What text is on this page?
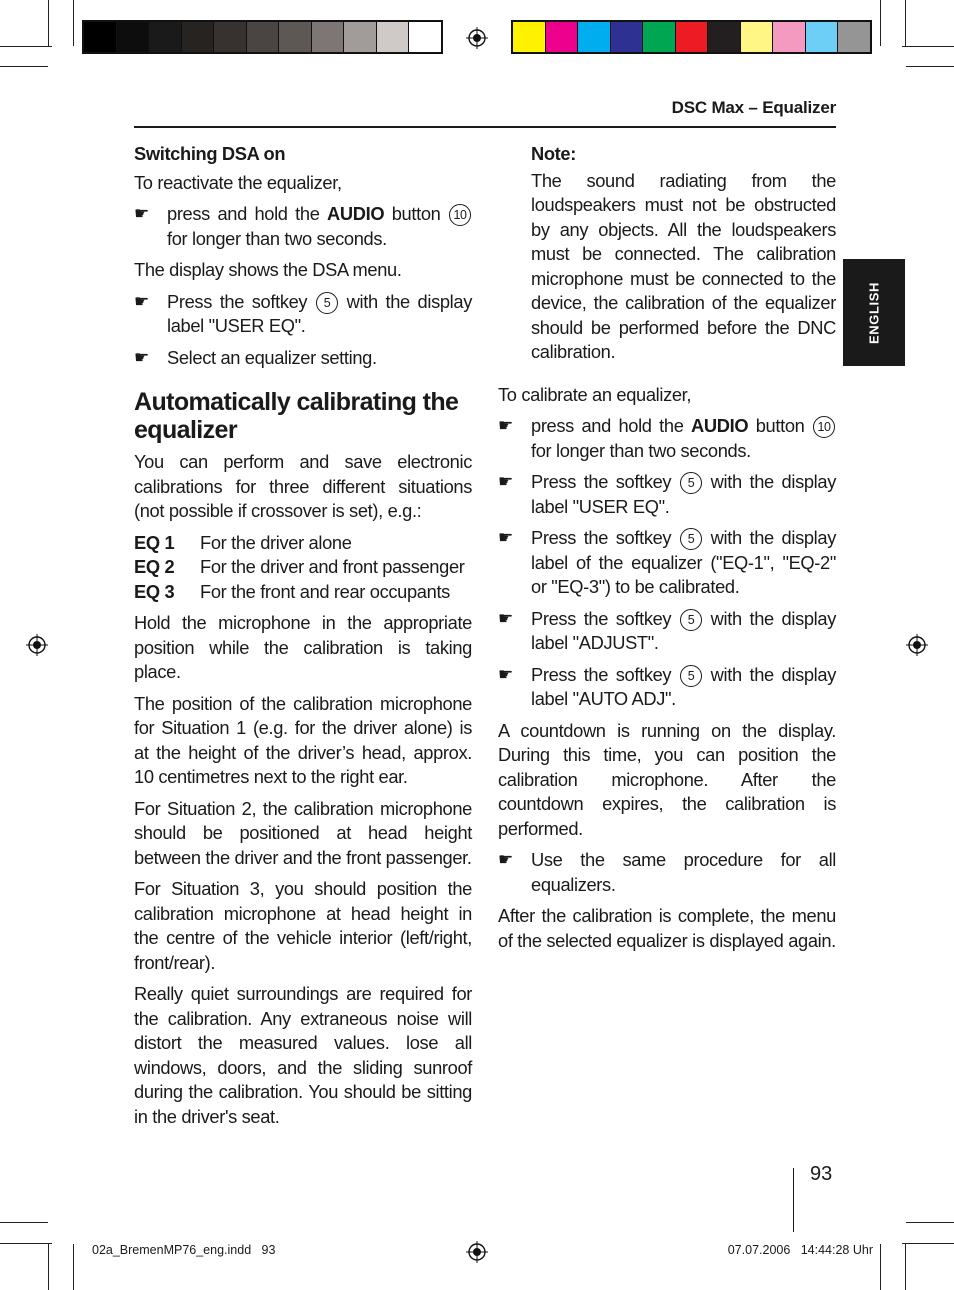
DSC Max – Equalizer
ENGLISH
Switching DSA on

To reactivate the equalizer,

☛ press and hold the AUDIO button 10 for longer than two seconds.

The display shows the DSA menu.

☛ Press the softkey 5 with the display label "USER EQ".
☛ Select an equalizer setting.
Automatically calibrating the equalizer

You can perform and save electronic calibrations for three different situations (not possible if crossover is set), e.g.:

EQ 1	For the driver alone
EQ 2	For the driver and front passenger
EQ 3	For the front and rear occupants

Hold the microphone in the appropriate position while the calibration is taking place.

The position of the calibration microphone for Situation 1 (e.g. for the driver alone) is at the height of the driver’s head, approx. 10 centimetres next to the right ear.

For Situation 2, the calibration microphone should be positioned at head height between the driver and the front passenger.

For Situation 3, you should position the calibration microphone at head height in the centre of the vehicle interior (left/right, front/rear).

Really quiet surroundings are required for the calibration. Any extraneous noise will distort the measured values. lose all windows, doors, and the sliding sunroof during the calibration. You should be sitting in the driver's seat.

Note:

The sound radiating from the loudspeakers must not be obstructed by any objects. All the loudspeakers must be connected. The calibration microphone must be connected to the device, the calibration of the equalizer should be performed before the DNC calibration.

To calibrate an equalizer,

☛ press and hold the AUDIO button 10 for longer than two seconds.
☛ Press the softkey 5 with the display label "USER EQ".
☛ Press the softkey 5 with the display label of the equalizer ("EQ-1", "EQ-2" or "EQ-3") to be calibrated.
☛ Press the softkey 5 with the display label "ADJUST".
☛ Press the softkey 5 with the display label "AUTO ADJ".

A countdown is running on the display. During this time, you can position the calibration microphone. After the countdown expires, the calibration is performed.

☛ Use the same procedure for all equalizers.

After the calibration is complete, the menu of the selected equalizer is displayed again.

93
02a_BremenMP76_eng.indd   93	07.07.2006   14:44:28 Uhr
